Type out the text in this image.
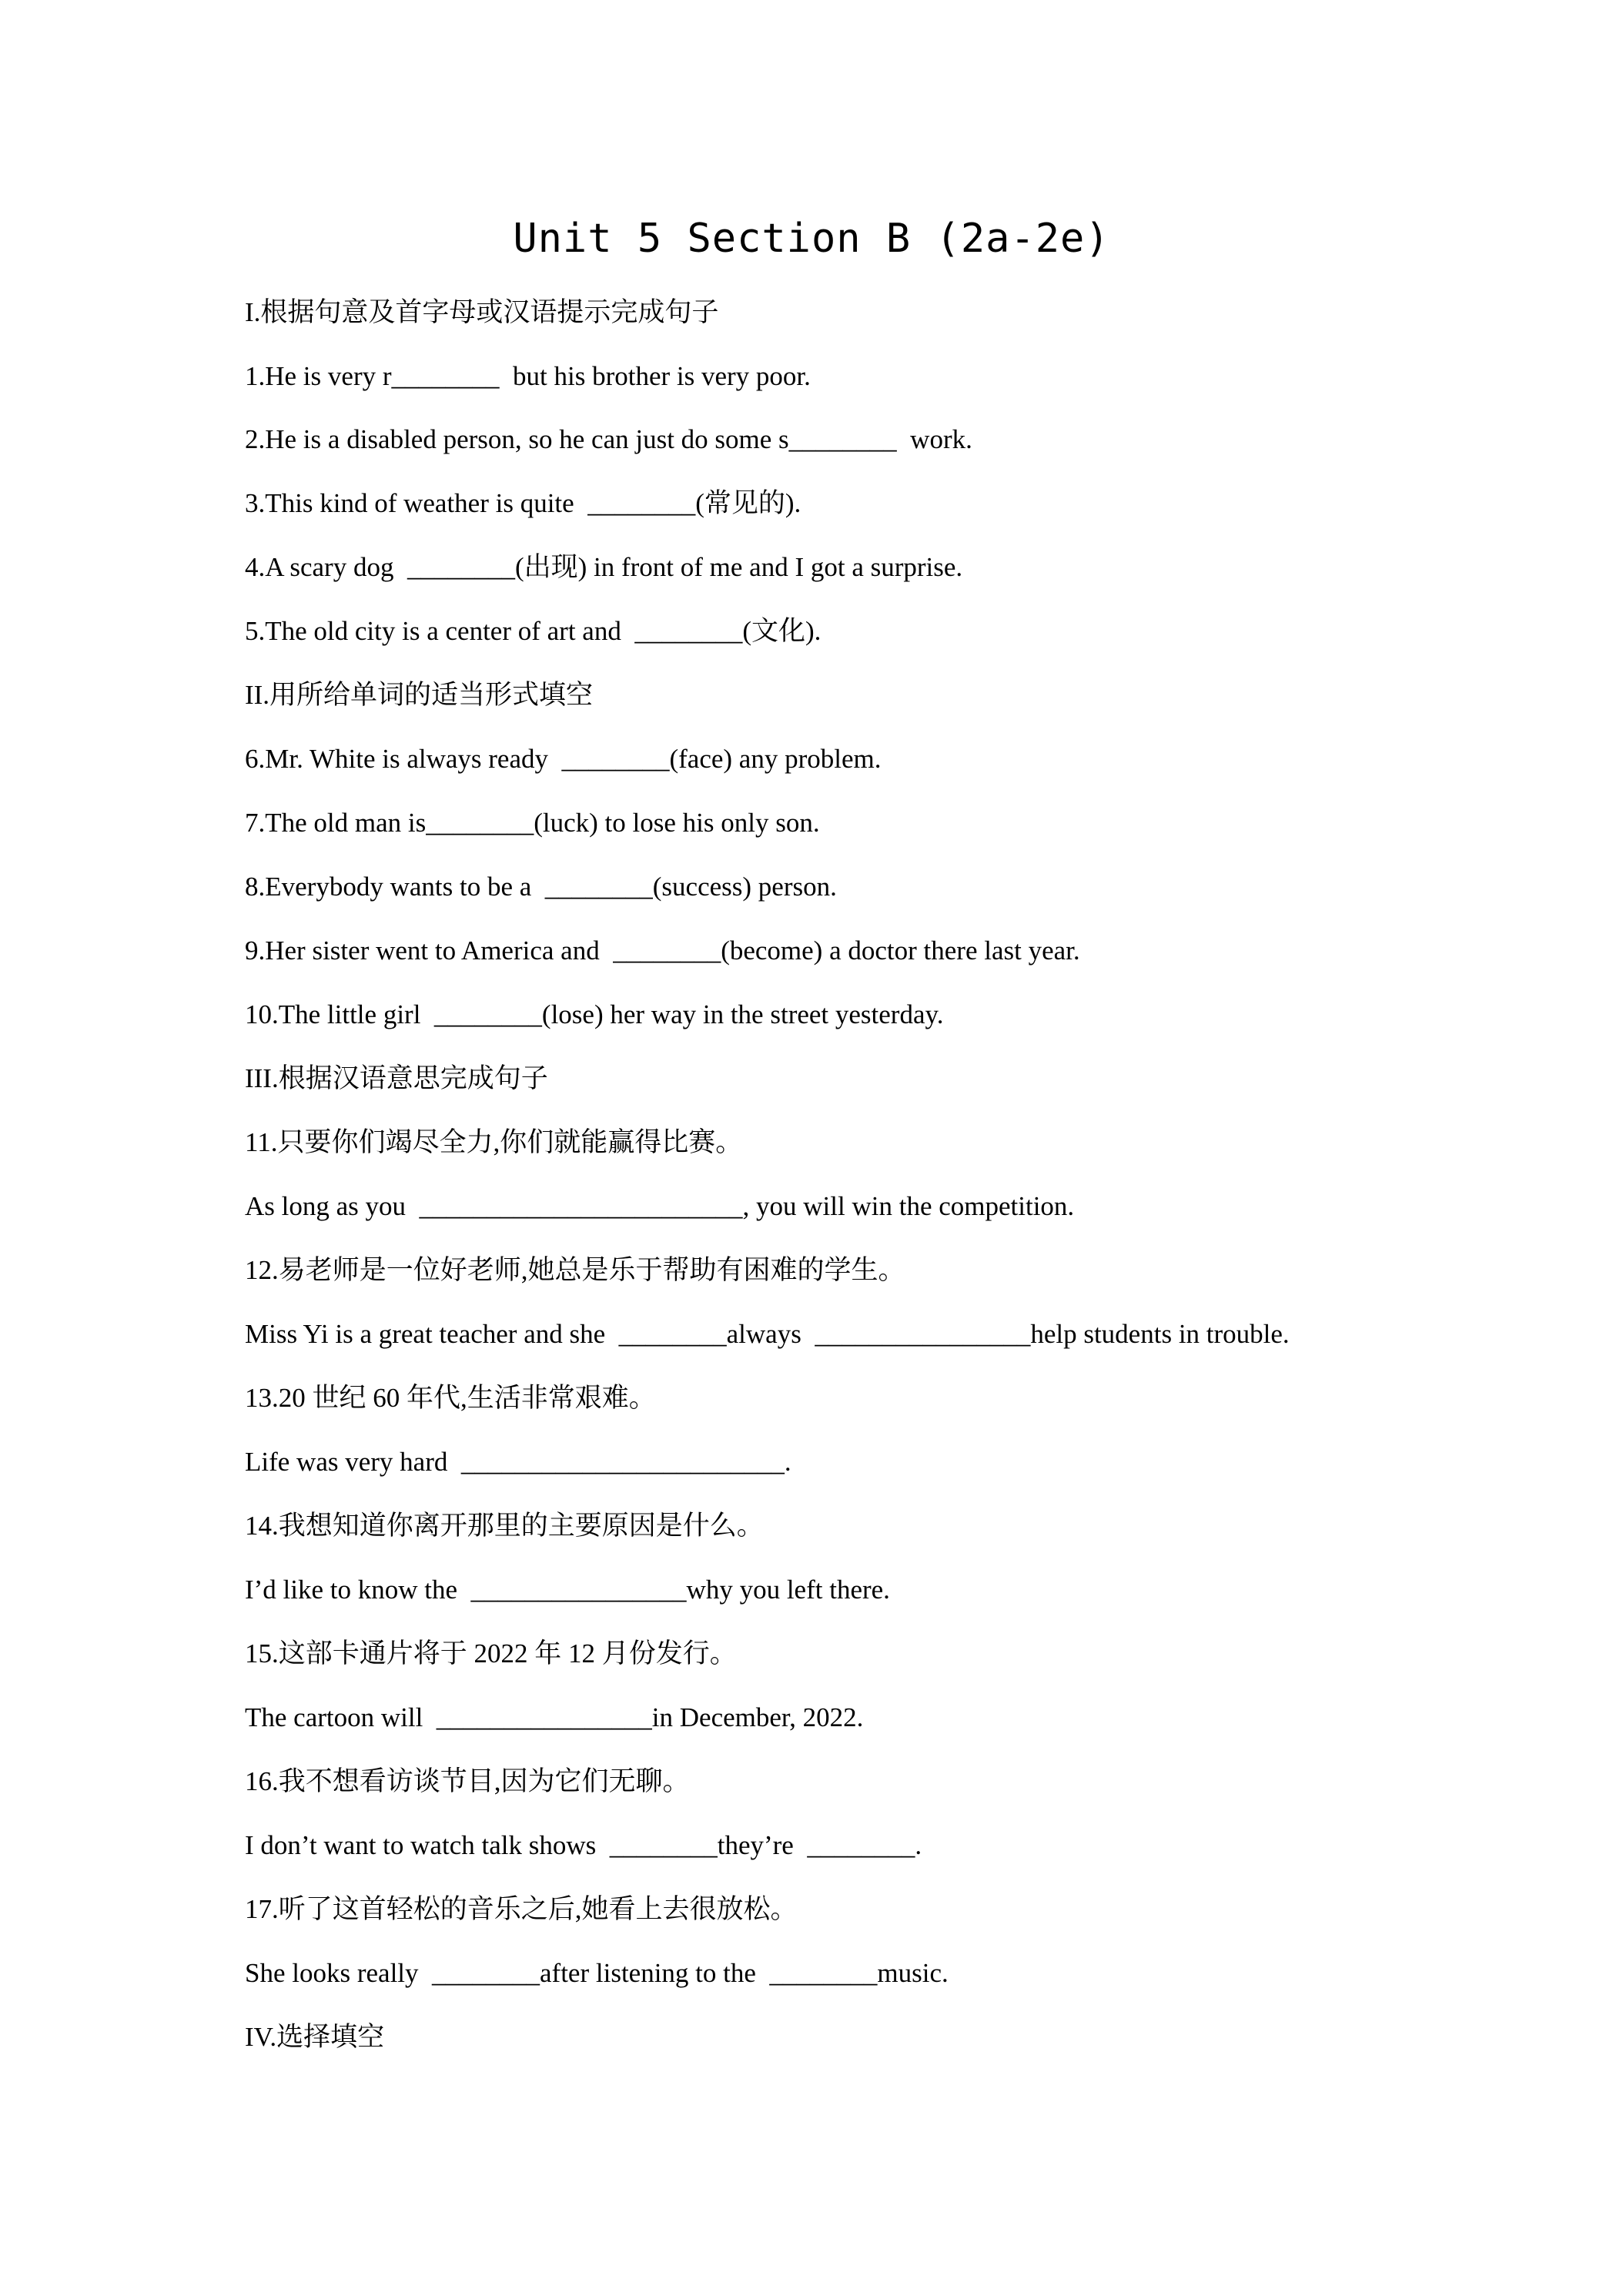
Unit 5 Section B (2a-2e)
I.根据句意及首字母或汉语提示完成句子
1.He is very r________  but his brother is very poor.
2.He is a disabled person, so he can just do some s________  work.
3.This kind of weather is quite  ________(常见的).
4.A scary dog  ________(出现) in front of me and I got a surprise.
5.The old city is a center of art and  ________(文化).
II.用所给单词的适当形式填空
6.Mr. White is always ready  ________(face) any problem.
7.The old man is________(luck) to lose his only son.
8.Everybody wants to be a  ________(success) person.
9.Her sister went to America and  ________(become) a doctor there last year.
10.The little girl  ________(lose) her way in the street yesterday.
III.根据汉语意思完成句子
11.只要你们竭尽全力,你们就能赢得比赛。
As long as you  ________________________, you will win the competition.
12.易老师是一位好老师,她总是乐于帮助有困难的学生。
Miss Yi is a great teacher and she  ________always  ________________help students in trouble.
13.20 世纪 60 年代,生活非常艰难。
Life was very hard  ________________________.
14.我想知道你离开那里的主要原因是什么。
I’d like to know the  ________________why you left there.
15.这部卡通片将于 2022 年 12 月份发行。
The cartoon will  ________________in December, 2022.
16.我不想看访谈节目,因为它们无聊。
I don’t want to watch talk shows  ________they’re  ________.
17.听了这首轻松的音乐之后,她看上去很放松。
She looks really  ________after listening to the  ________music.
IV.选择填空
